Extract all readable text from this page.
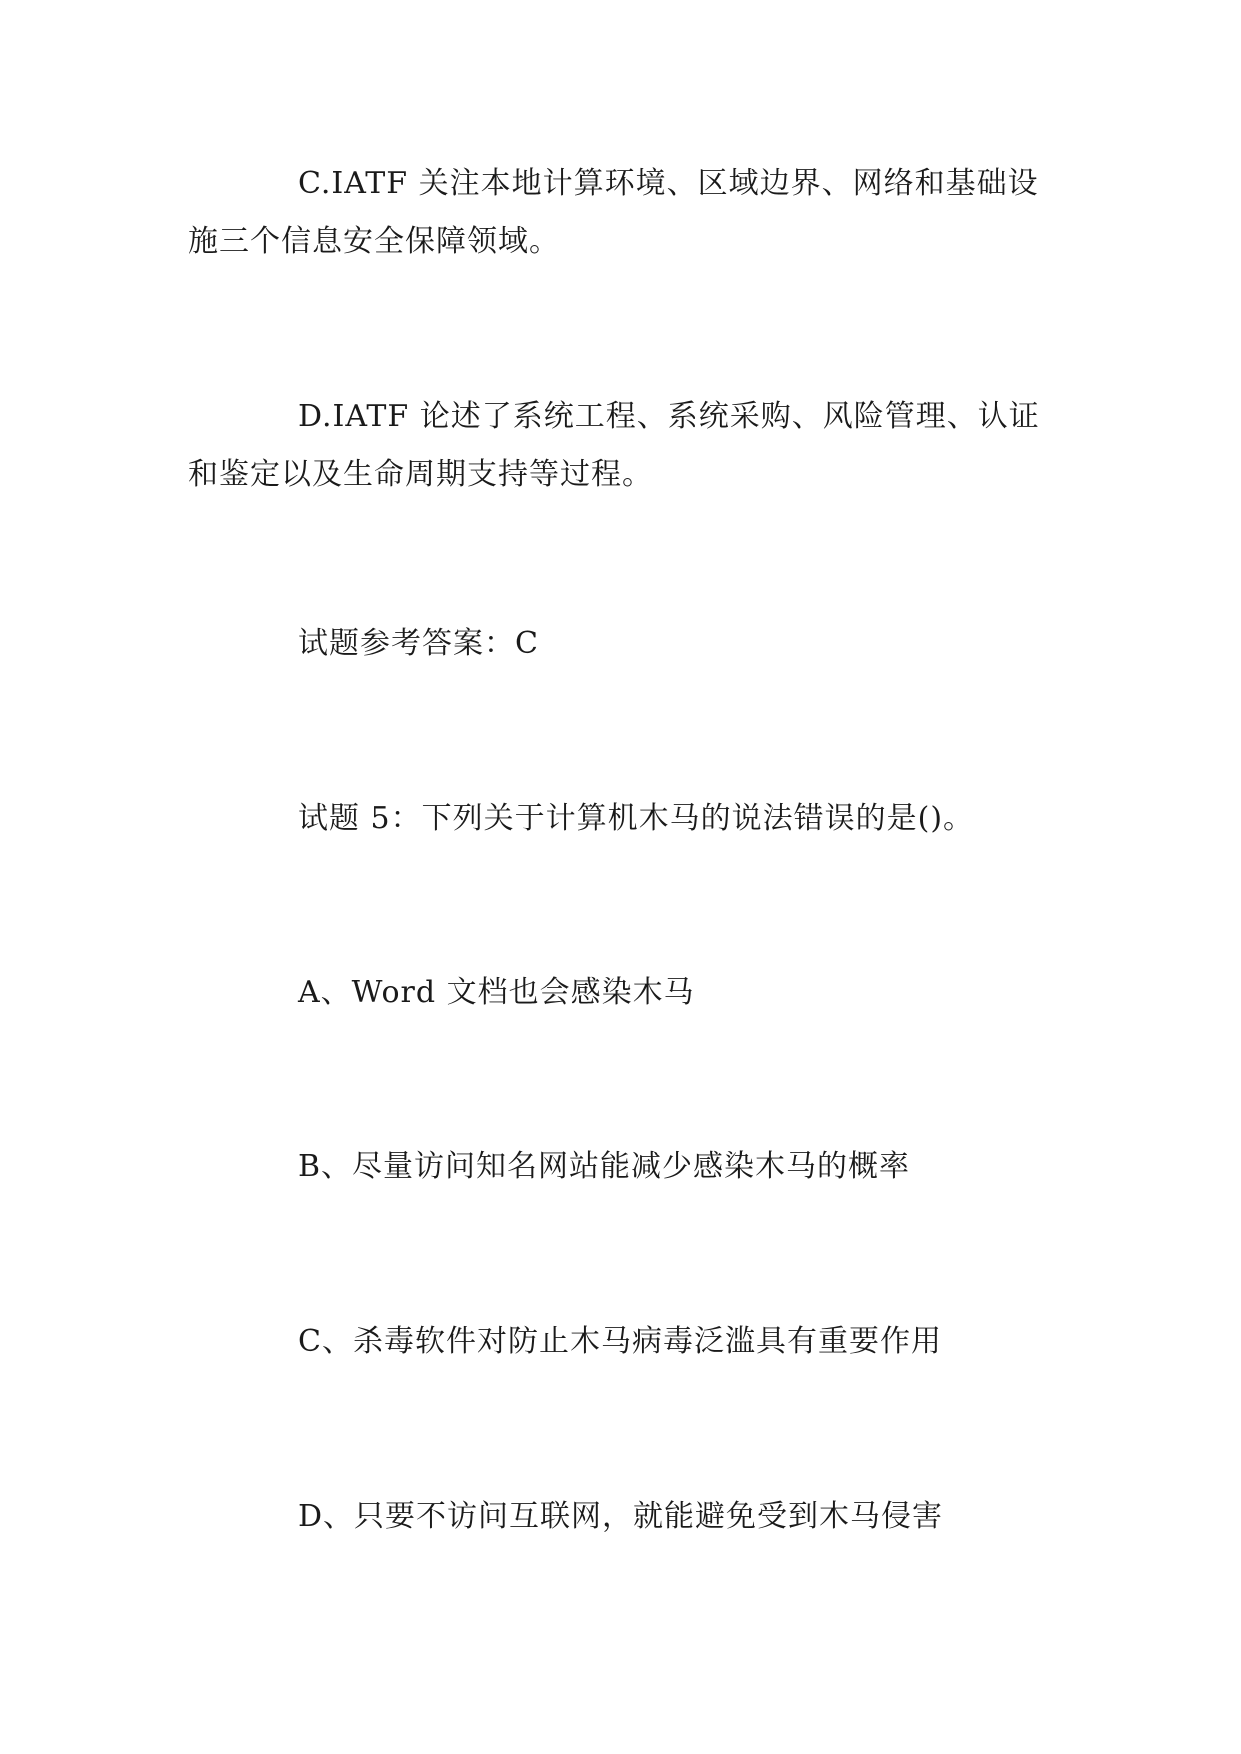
C.IATF 关注本地计算环境、区域边界、网络和基础设施三个信息安全保障领域。

D.IATF 论述了系统工程、系统采购、风险管理、认证和鉴定以及生命周期支持等过程。

试题参考答案：C

试题 5：下列关于计算机木马的说法错误的是()。

A、Word 文档也会感染木马

B、尽量访问知名网站能减少感染木马的概率

C、杀毒软件对防止木马病毒泛滥具有重要作用

D、只要不访问互联网，就能避免受到木马侵害
